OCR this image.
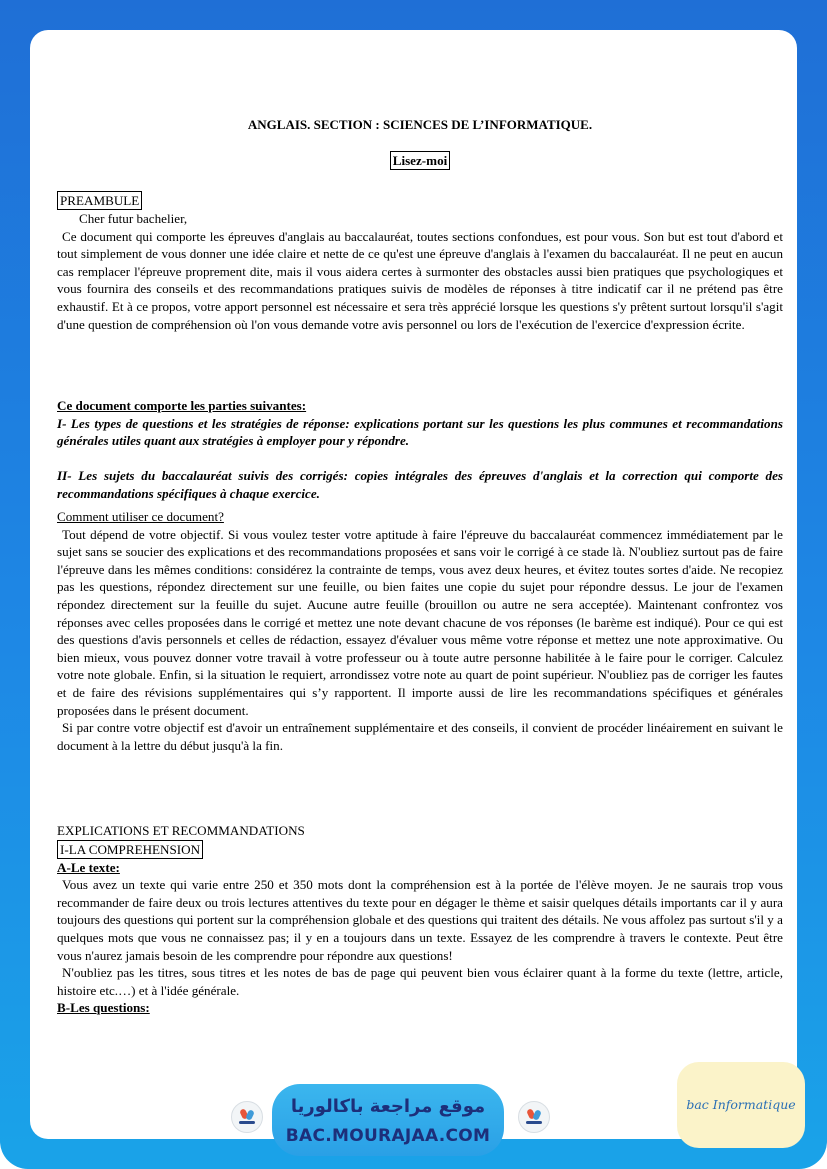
ANGLAIS. SECTION : SCIENCES DE L’INFORMATIQUE.
Lisez-moi
PREAMBULE

Cher futur bachelier,

Ce document qui comporte les épreuves d'anglais au baccalauréat, toutes sections confondues, est pour vous. Son but est tout d'abord et tout simplement de vous donner une idée claire et nette de ce qu'est une épreuve d'anglais à l'examen du baccalauréat. Il ne peut en aucun cas remplacer l'épreuve proprement dite, mais il vous aidera certes à surmonter des obstacles aussi bien pratiques que psychologiques et vous fournira des conseils et des recommandations pratiques suivis de modèles de réponses à titre indicatif car il ne prétend pas être exhaustif. Et à ce propos, votre apport personnel est nécessaire et sera très apprécié lorsque les questions s'y prêtent surtout lorsqu'il s'agit d'une question de compréhension où l'on vous demande votre avis personnel ou lors de l'exécution de l'exercice d'expression écrite.

Ce document comporte les parties suivantes:

I- Les types de questions et les stratégies de réponse: explications portant sur les questions les plus communes et recommandations générales utiles quant aux stratégies à employer pour y répondre.

II- Les sujets du baccalauréat suivis des corrigés: copies intégrales des épreuves d'anglais et la correction qui comporte des recommandations spécifiques à chaque exercice.

Comment utiliser ce document?

Tout dépend de votre objectif. Si vous voulez tester votre aptitude à faire l'épreuve du baccalauréat commencez immédiatement par le sujet sans se soucier des explications et des recommandations proposées et sans voir le corrigé à ce stade là. N'oubliez surtout pas de faire l'épreuve dans les mêmes conditions: considérez la contrainte de temps, vous avez deux heures, et évitez toutes sortes d'aide. Ne recopiez pas les questions, répondez directement sur une feuille, ou bien faites une copie du sujet pour répondre dessus. Le jour de l'examen répondez directement sur la feuille du sujet. Aucune autre feuille (brouillon ou autre ne sera acceptée). Maintenant confrontez vos réponses avec celles proposées dans le corrigé et mettez une note devant chacune de vos réponses (le barème est indiqué). Pour ce qui est des questions d'avis personnels et celles de rédaction, essayez d'évaluer vous même votre réponse et mettez une note approximative. Ou bien mieux, vous pouvez donner votre travail à votre professeur ou à toute autre personne habilitée à le faire pour le corriger. Calculez votre note globale. Enfin, si la situation le requiert, arrondissez votre note au quart de point supérieur. N'oubliez pas de corriger les fautes et de faire des révisions supplémentaires qui s’y rapportent. Il importe aussi de lire les recommandations spécifiques et générales proposées dans le présent document.

Si par contre votre objectif est d'avoir un entraînement supplémentaire et des conseils, il convient de procéder linéairement en suivant le document à la lettre du début jusqu'à la fin.

EXPLICATIONS ET RECOMMANDATIONS

I-LA COMPREHENSION

A-Le texte:

Vous avez un texte qui varie entre 250 et 350 mots dont la compréhension est à la portée de l'élève moyen. Je ne saurais trop vous recommander de faire deux ou trois lectures attentives du texte pour en dégager le thème et saisir quelques détails importants car il y aura toujours des questions qui portent sur la compréhension globale et des questions qui traitent des détails. Ne vous affolez pas surtout s'il y a quelques mots que vous ne connaissez pas; il y en a toujours dans un texte. Essayez de les comprendre à travers le contexte. Peut être vous n'aurez jamais besoin de les comprendre pour répondre aux questions!

N'oubliez pas les titres, sous titres et les notes de bas de page qui peuvent bien vous éclairer quant à la forme du texte (lettre, article, histoire etc.…) et à l'idée générale.

B-Les questions:

موقع مراجعة باكالوريا
BAC.MOURAJAA.COM
bac Informatique
